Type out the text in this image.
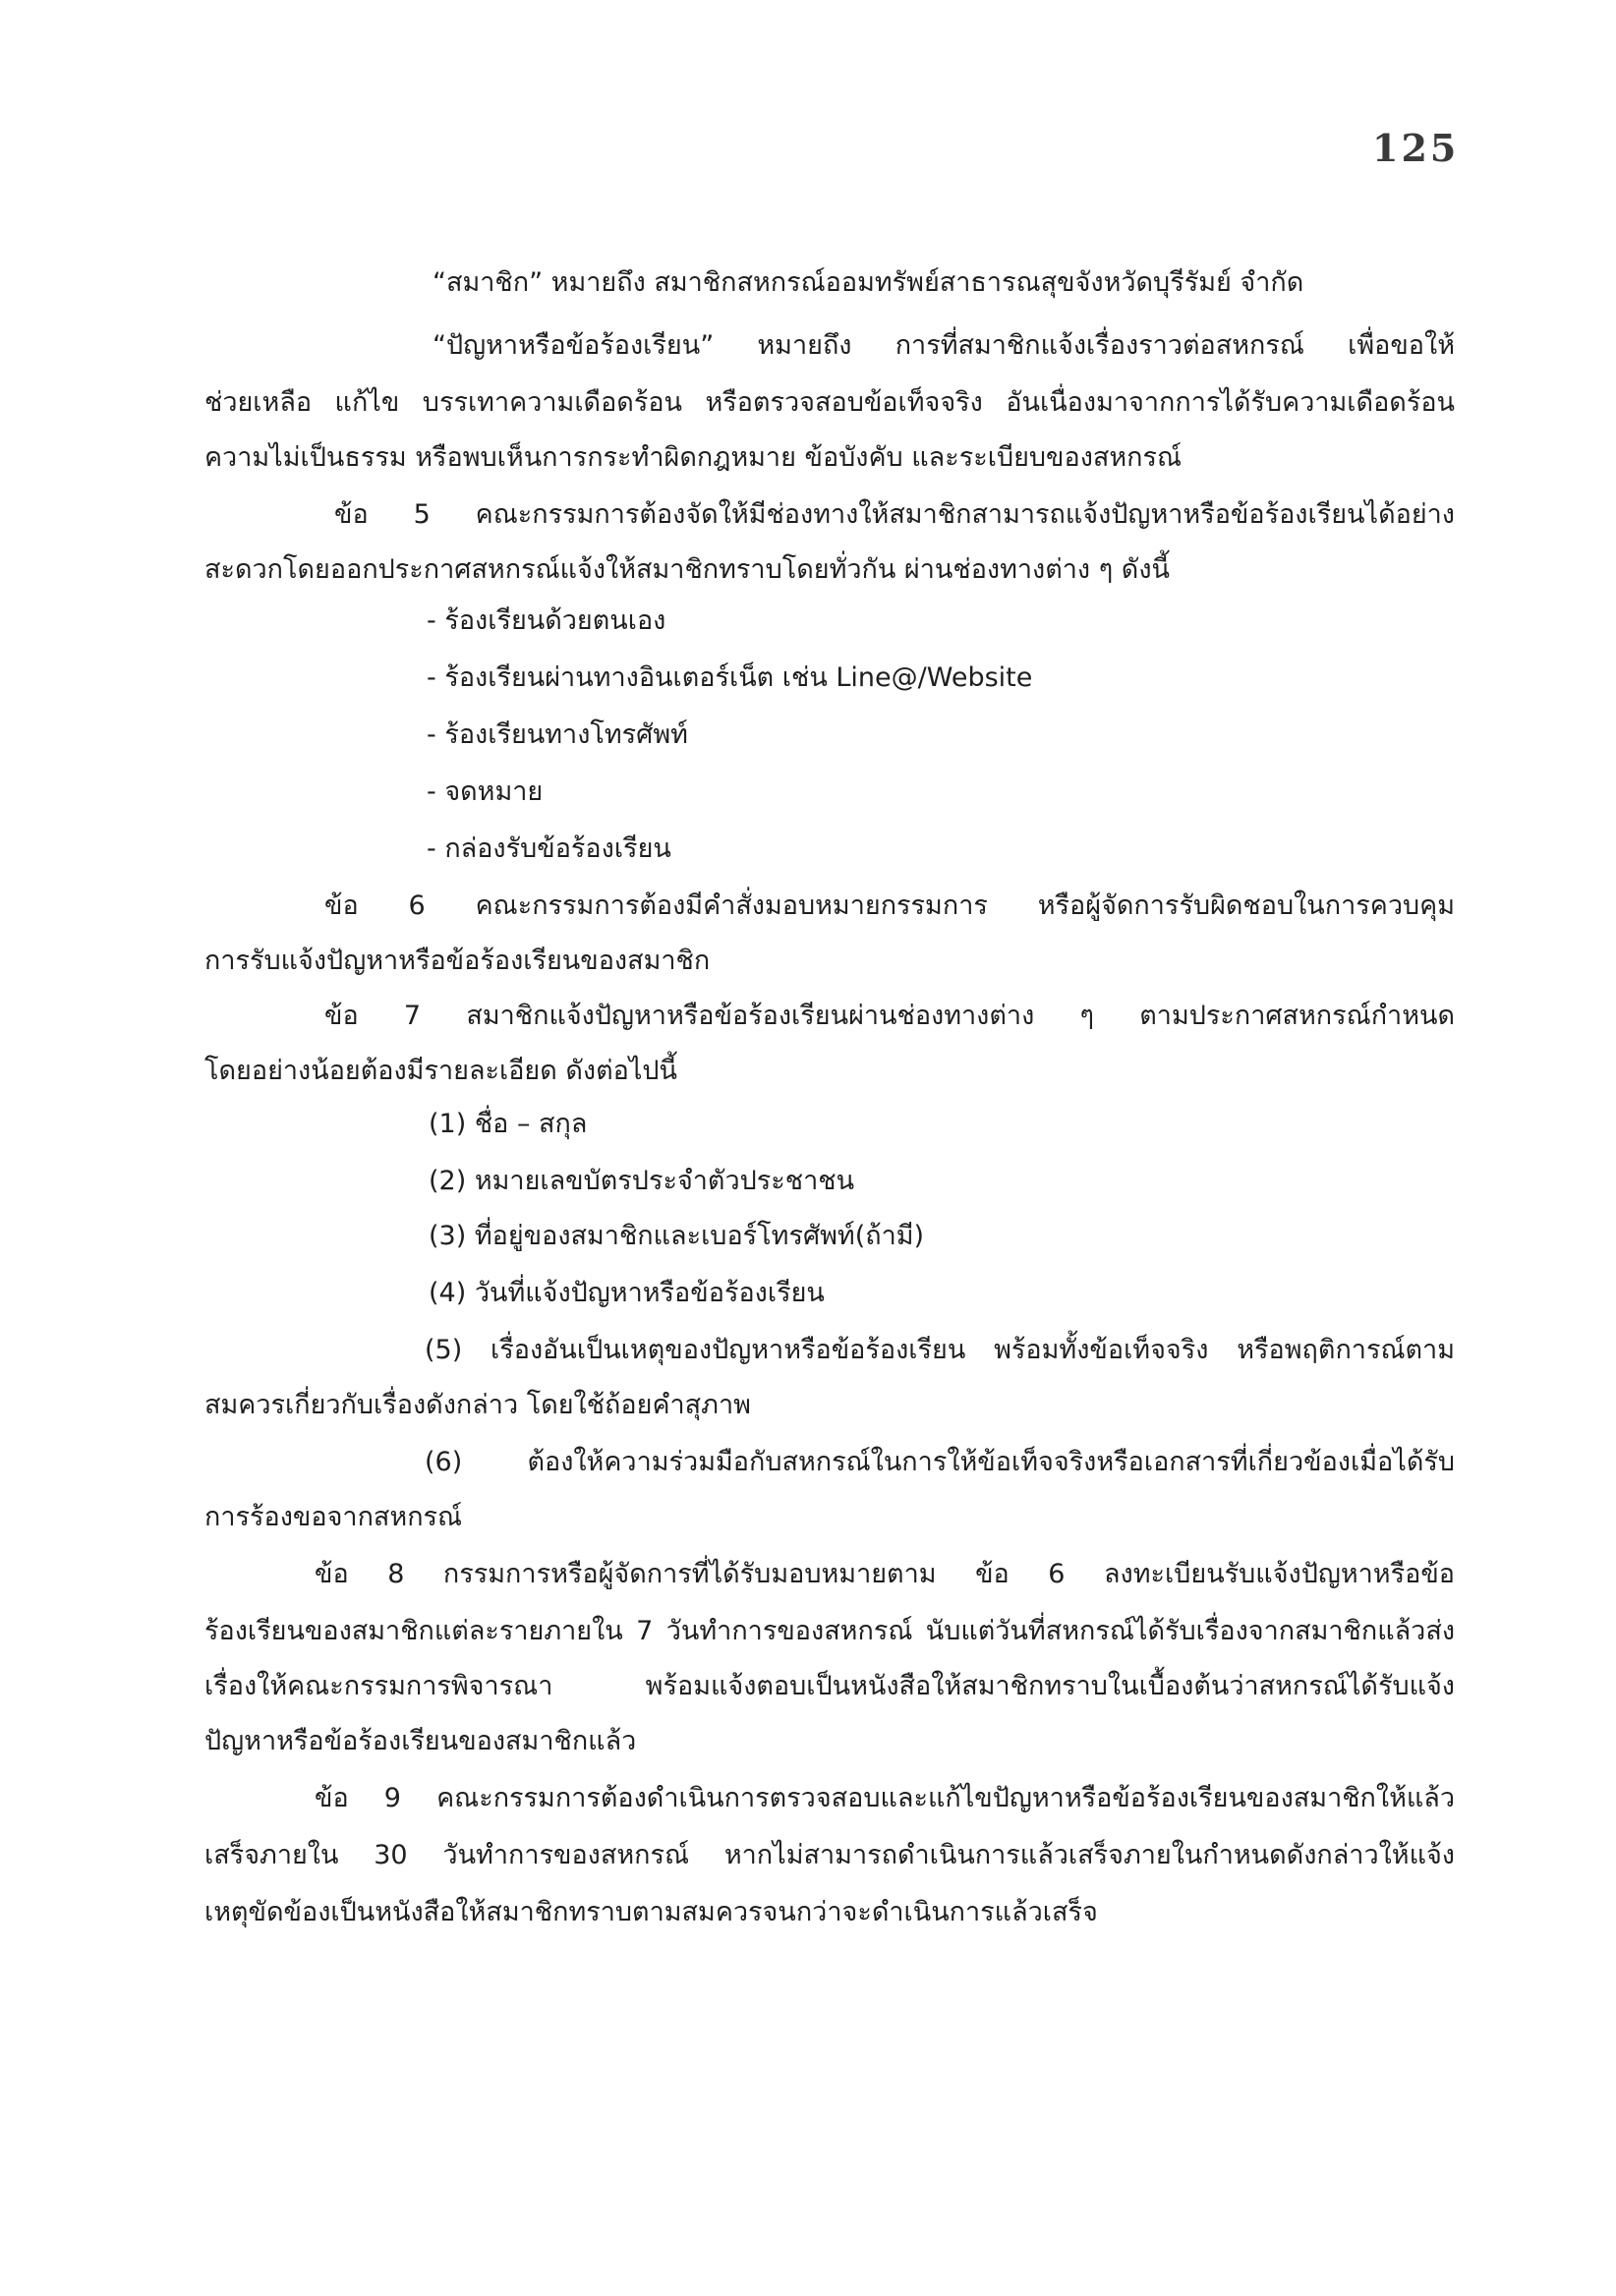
125
“สมาชิก” หมายถึง สมาชิกสหกรณ์ออมทรัพย์สาธารณสุขจังหวัดบุรีรัมย์ จำกัด
“ปัญหาหรือข้อร้องเรียน” หมายถึง การที่สมาชิกแจ้งเรื่องราวต่อสหกรณ์ เพื่อขอให้
ช่วยเหลือ แก้ไข บรรเทาความเดือดร้อน หรือตรวจสอบข้อเท็จจริง อันเนื่องมาจากการได้รับความเดือดร้อน
ความไม่เป็นธรรม หรือพบเห็นการกระทำผิดกฎหมาย ข้อบังคับ และระเบียบของสหกรณ์
ข้อ 5 คณะกรรมการต้องจัดให้มีช่องทางให้สมาชิกสามารถแจ้งปัญหาหรือข้อร้องเรียนได้อย่าง
สะดวกโดยออกประกาศสหกรณ์แจ้งให้สมาชิกทราบโดยทั่วกัน ผ่านช่องทางต่าง ๆ ดังนี้
- ร้องเรียนด้วยตนเอง
- ร้องเรียนผ่านทางอินเตอร์เน็ต เช่น Line@/Website
- ร้องเรียนทางโทรศัพท์
- จดหมาย
- กล่องรับข้อร้องเรียน
ข้อ 6 คณะกรรมการต้องมีคำสั่งมอบหมายกรรมการ หรือผู้จัดการรับผิดชอบในการควบคุม
การรับแจ้งปัญหาหรือข้อร้องเรียนของสมาชิก
ข้อ 7 สมาชิกแจ้งปัญหาหรือข้อร้องเรียนผ่านช่องทางต่าง ๆ ตามประกาศสหกรณ์กำหนด
โดยอย่างน้อยต้องมีรายละเอียด ดังต่อไปนี้
(1) ชื่อ – สกุล
(2) หมายเลขบัตรประจำตัวประชาชน
(3) ที่อยู่ของสมาชิกและเบอร์โทรศัพท์(ถ้ามี)
(4) วันที่แจ้งปัญหาหรือข้อร้องเรียน
(5) เรื่องอันเป็นเหตุของปัญหาหรือข้อร้องเรียน พร้อมทั้งข้อเท็จจริง หรือพฤติการณ์ตาม
สมควรเกี่ยวกับเรื่องดังกล่าว โดยใช้ถ้อยคำสุภาพ
(6) ต้องให้ความร่วมมือกับสหกรณ์ในการให้ข้อเท็จจริงหรือเอกสารที่เกี่ยวข้องเมื่อได้รับ
การร้องขอจากสหกรณ์
ข้อ 8 กรรมการหรือผู้จัดการที่ได้รับมอบหมายตาม ข้อ 6 ลงทะเบียนรับแจ้งปัญหาหรือข้อ
ร้องเรียนของสมาชิกแต่ละรายภายใน 7 วันทำการของสหกรณ์ นับแต่วันที่สหกรณ์ได้รับเรื่องจากสมาชิกแล้วส่ง
เรื่องให้คณะกรรมการพิจารณา พร้อมแจ้งตอบเป็นหนังสือให้สมาชิกทราบในเบื้องต้นว่าสหกรณ์ได้รับแจ้ง
ปัญหาหรือข้อร้องเรียนของสมาชิกแล้ว
ข้อ 9 คณะกรรมการต้องดำเนินการตรวจสอบและแก้ไขปัญหาหรือข้อร้องเรียนของสมาชิกให้แล้ว
เสร็จภายใน 30 วันทำการของสหกรณ์ หากไม่สามารถดำเนินการแล้วเสร็จภายในกำหนดดังกล่าวให้แจ้ง
เหตุขัดข้องเป็นหนังสือให้สมาชิกทราบตามสมควรจนกว่าจะดำเนินการแล้วเสร็จ
